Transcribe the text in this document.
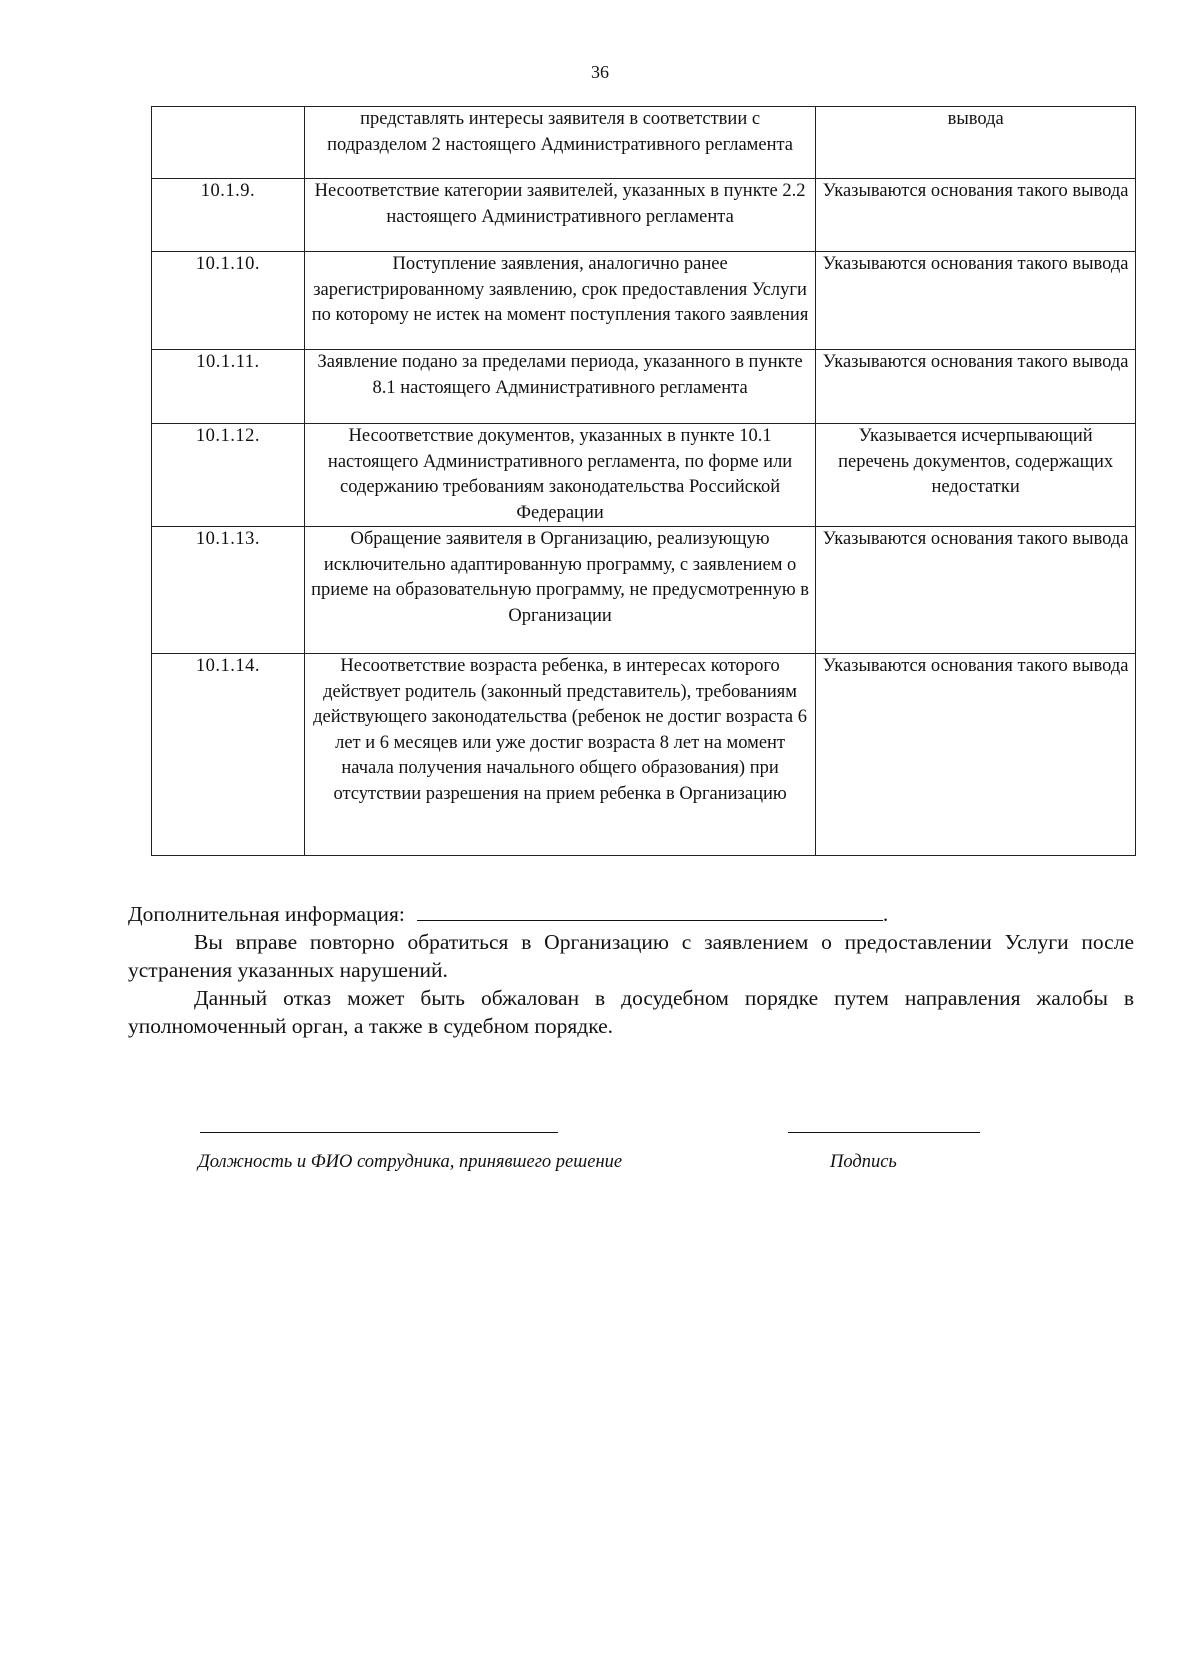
36
	представлять интересы заявителя в соответствии с подразделом 2 настоящего Административного регламента	вывода
10.1.9.	Несоответствие категории заявителей, указанных в пункте 2.2 настоящего Административного регламента	Указываются основания такого вывода
10.1.10.	Поступление заявления, аналогично ранее зарегистрированному заявлению, срок предоставления Услуги по которому не истек на момент поступления такого заявления	Указываются основания такого вывода
10.1.11.	Заявление подано за пределами периода, указанного в пункте 8.1 настоящего Административного регламента	Указываются основания такого вывода
10.1.12.	Несоответствие документов, указанных в пункте 10.1 настоящего Административного регламента, по форме или содержанию требованиям законодательства Российской Федерации	Указывается исчерпывающий перечень документов, содержащих недостатки
10.1.13.	Обращение заявителя в Организацию, реализующую исключительно адаптированную программу, с заявлением о приеме на образовательную программу, не предусмотренную в Организации	Указываются основания такого вывода
10.1.14.	Несоответствие возраста ребенка, в интересах которого действует родитель (законный представитель), требованиям действующего законодательства (ребенок не достиг возраста 6 лет и 6 месяцев или уже достиг возраста 8 лет на момент начала получения начального общего образования) при отсутствии разрешения на прием ребенка в Организацию	Указываются основания такого вывода
Дополнительная информация:	.
Вы вправе повторно обратиться в Организацию с заявлением о предоставлении Услуги после устранения указанных нарушений.
Данный отказ может быть обжалован в досудебном порядке путем направления жалобы в уполномоченный орган, а также в судебном порядке.
Должность и ФИО сотрудника, принявшего решение	Подпись
